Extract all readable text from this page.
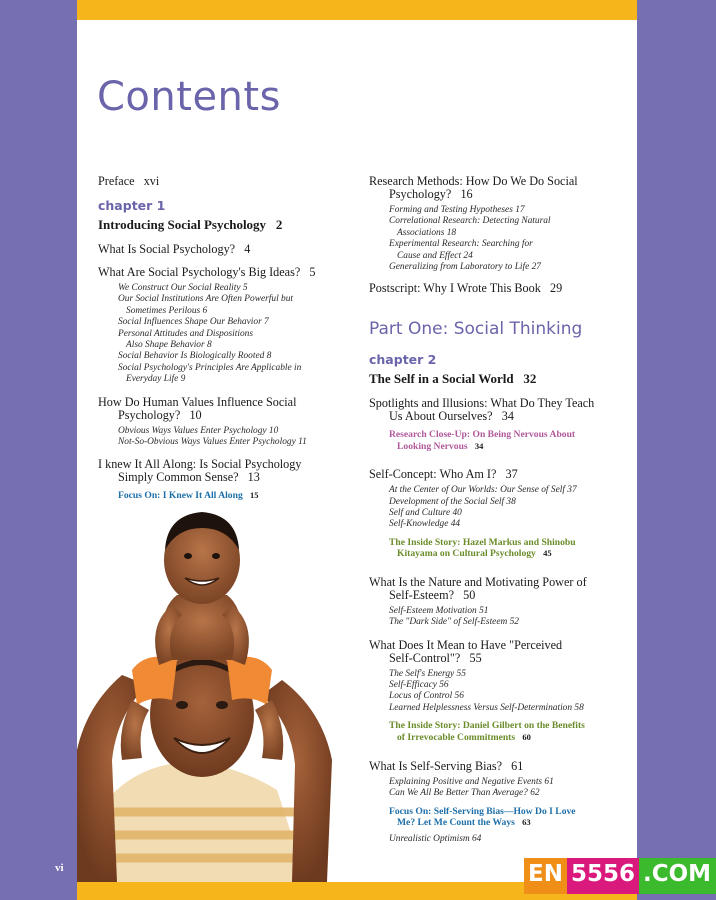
Contents

Preface xvi

chapter 1

Introducing Social Psychology 2

What Is Social Psychology? 4

What Are Social Psychology's Big Ideas? 5

We Construct Our Social Reality 5

Our Social Institutions Are Often Powerful but
Sometimes Perilous 6

Social Influences Shape Our Behavior 7

Personal Attitudes and Dispositions
Also Shape Behavior 8

Social Behavior Is Biologically Rooted 8

Social Psychology's Principles Are Applicable in
Everyday Life 9

How Do Human Values Influence Social
Psychology? 10

Obvious Ways Values Enter Psychology 10

Not-So-Obvious Ways Values Enter Psychology 11

I knew It All Along: Is Social Psychology
Simply Common Sense? 13

Focus On: I Knew It All Along 15

Research Methods: How Do We Do Social
Psychology? 16

Forming and Testing Hypotheses 17

Correlational Research: Detecting Natural
Associations 18

Experimental Research: Searching for
Cause and Effect 24

Generalizing from Laboratory to Life 27

Postscript: Why I Wrote This Book 29

Part One: Social Thinking

chapter 2

The Self in a Social World 32

Spotlights and Illusions: What Do They Teach
Us About Ourselves? 34

Research Close-Up: On Being Nervous About
Looking Nervous 34

Self-Concept: Who Am I? 37

At the Center of Our Worlds: Our Sense of Self 37

Development of the Social Self 38

Self and Culture 40

Self-Knowledge 44

The Inside Story: Hazel Markus and Shinobu
Kitayama on Cultural Psychology 45

What Is the Nature and Motivating Power of
Self-Esteem? 50

Self-Esteem Motivation 51

The "Dark Side" of Self-Esteem 52

What Does It Mean to Have "Perceived
Self-Control"? 55

The Self's Energy 55

Self-Efficacy 56

Locus of Control 56

Learned Helplessness Versus Self-Determination 58

The Inside Story: Daniel Gilbert on the Benefits
of Irrevocable Commitments 60

What Is Self-Serving Bias? 61

Explaining Positive and Negative Events 61

Can We All Be Better Than Average? 62

Focus On: Self-Serving Bias—How Do I Love
Me? Let Me Count the Ways 63

Unrealistic Optimism 64

vi	EN 5556 .COM
